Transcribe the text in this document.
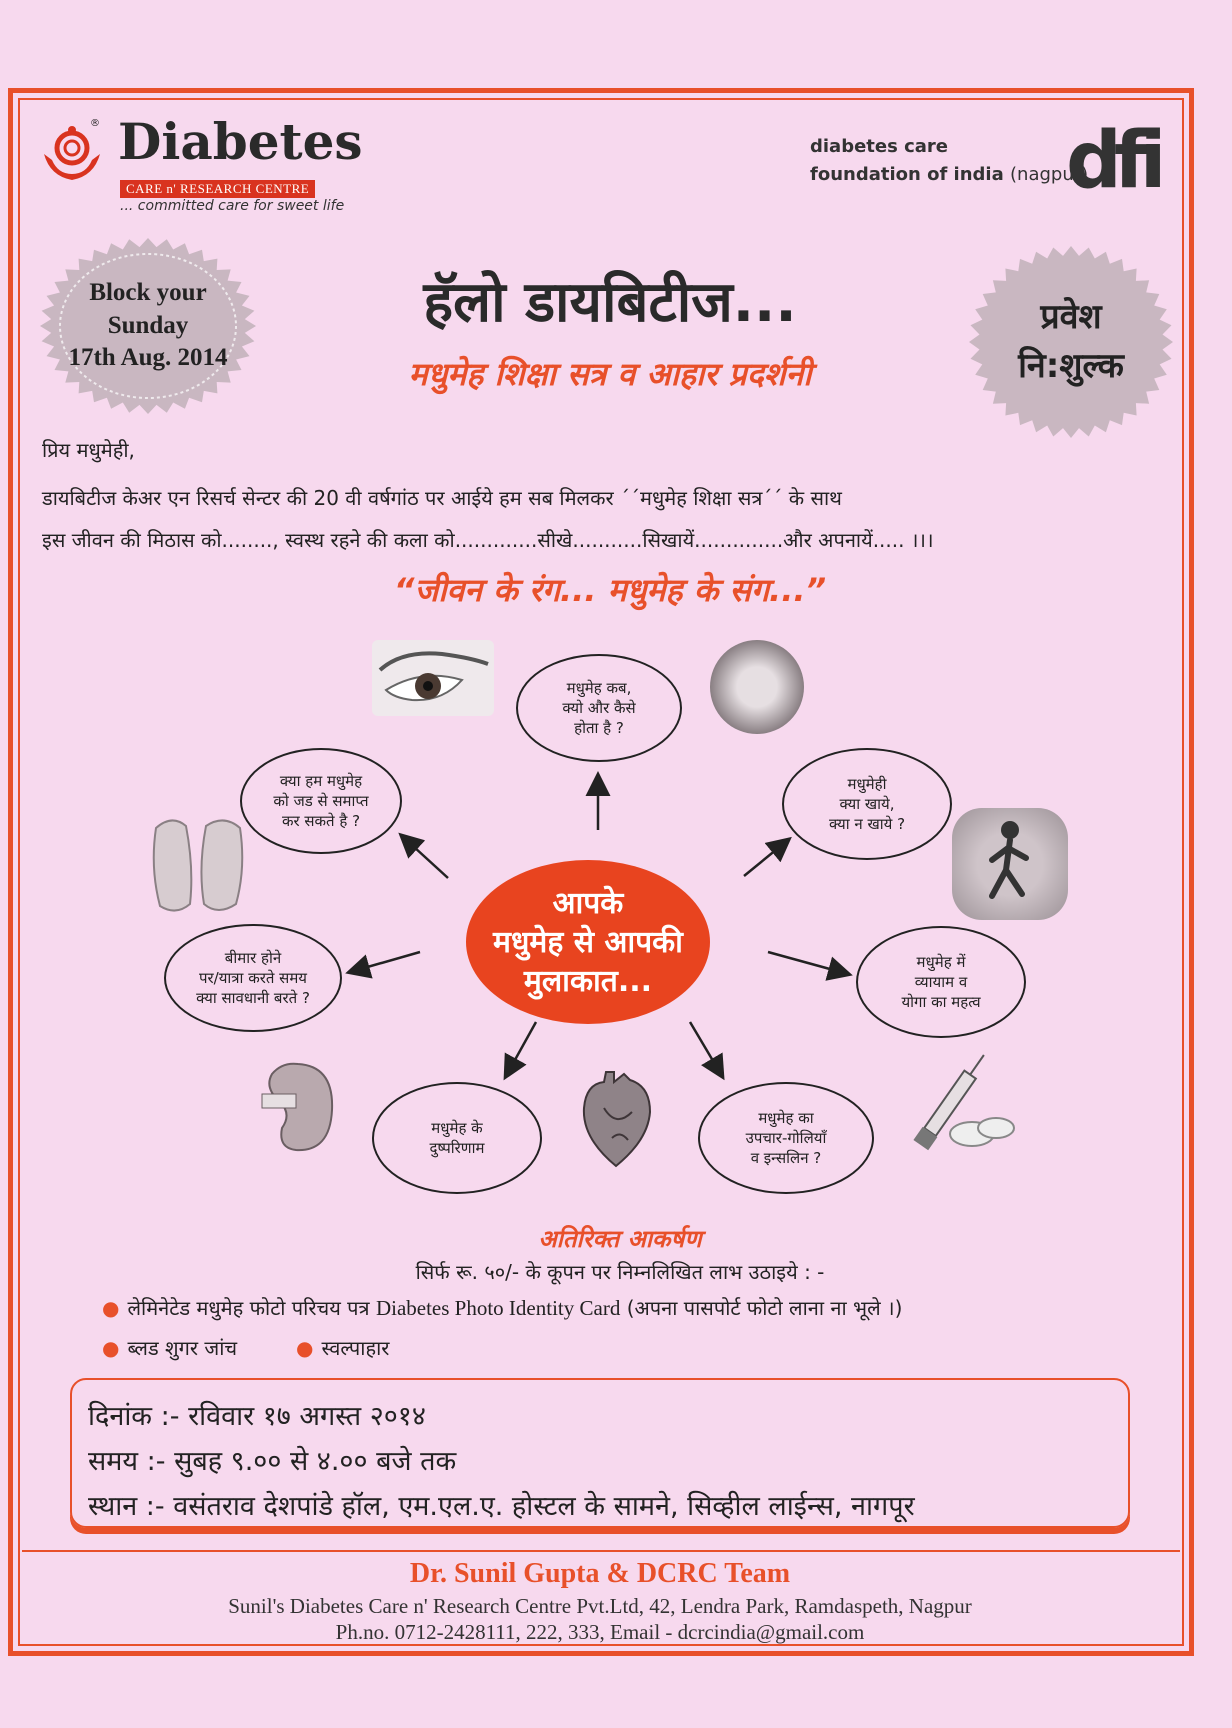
® Diabetes
CARE n' RESEARCH CENTRE
... committed care for sweet life
diabetes care
foundation of india (nagpur)
dfi
Block your
Sunday
17th Aug. 2014
प्रवेश
नि:शुल्क
हॅलो डायबिटीज...
मधुमेह शिक्षा सत्र व आहार प्रदर्शनी
प्रिय मधुमेही,
डायबिटीज केअर एन रिसर्च सेन्टर की 20 वी वर्षगांठ पर आईये हम सब मिलकर ´´मधुमेह शिक्षा सत्र´´ के साथ
इस जीवन की मिठास को........, स्वस्थ रहने की कला को.............सीखे...........सिखायें..............और अपनायें..... ।।।
“जीवन के रंग... मधुमेह के संग...”
मधुमेह कब,
क्यो और कैसे
होता है ?
क्या हम मधुमेह
को जड से समाप्त
कर सकते है ?
मधुमेही
क्या खाये,
क्या न खाये ?
बीमार होने
पर/यात्रा करते समय
क्या सावधानी बरते ?
मधुमेह में
व्यायाम व
योगा का महत्व
मधुमेह के
दुष्परिणाम
मधुमेह का
उपचार-गोलियाँ
व इन्सलिन ?
आपके
मधुमेह से आपकी
मुलाकात...
अतिरिक्त आकर्षण
सिर्फ रू. ५०/- के कूपन पर निम्नलिखित लाभ उठाइये : -
● लेमिनेटेड मधुमेह फोटो परिचय पत्र Diabetes Photo Identity Card (अपना पासपोर्ट फोटो लाना ना भूले ।)
● ब्लड शुगर जांच	● स्वल्पाहार
दिनांक :- रविवार १७ अगस्त २०१४
समय :- सुबह ९.०० से ४.०० बजे तक
स्थान :- वसंतराव देशपांडे हॉल, एम.एल.ए. होस्टल के सामने, सिव्हील लाईन्स, नागपूर
Dr. Sunil Gupta & DCRC Team
Sunil's Diabetes Care n' Research Centre Pvt.Ltd, 42, Lendra Park, Ramdaspeth, Nagpur
Ph.no. 0712-2428111, 222, 333, Email - dcrcindia@gmail.com
